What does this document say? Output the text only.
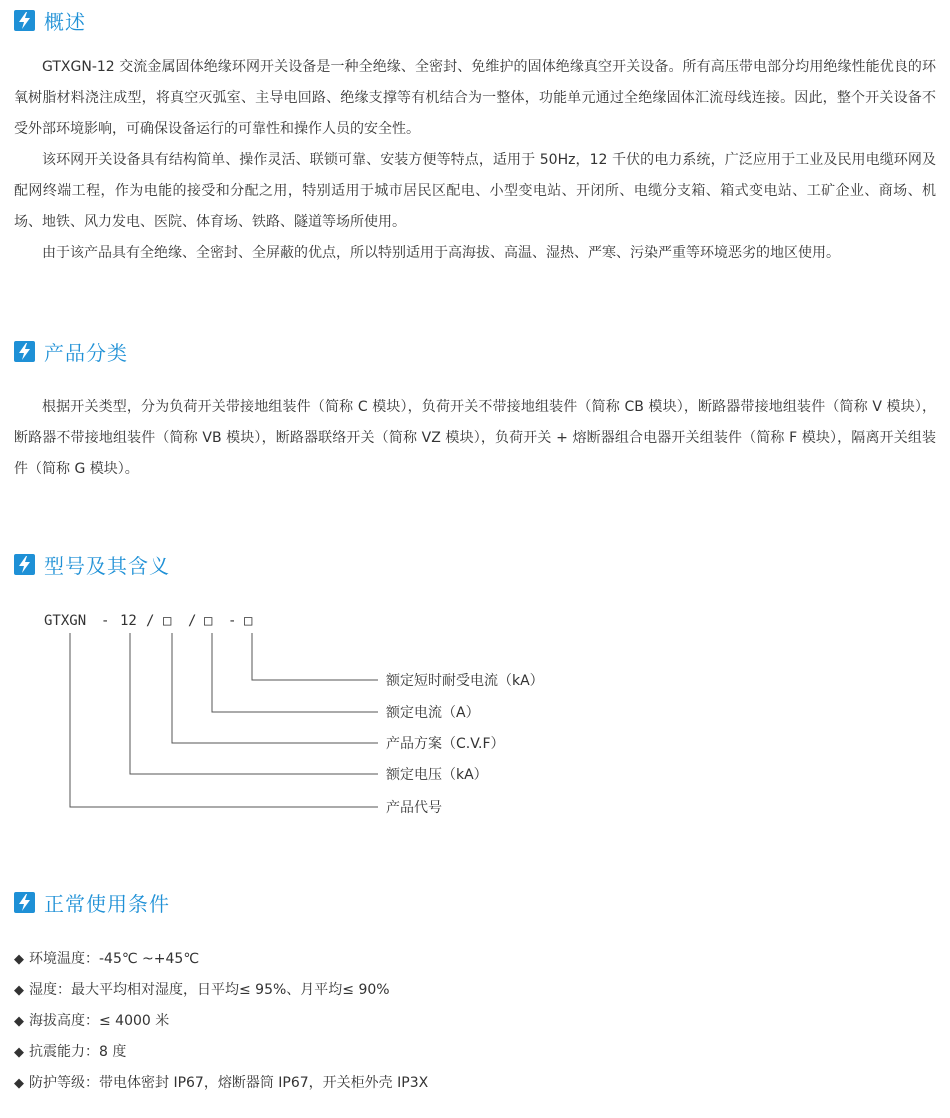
概述

GTXGN-12 交流金属固体绝缘环网开关设备是一种全绝缘、全密封、免维护的固体绝缘真空开关设备。所有高压带电部分均用绝缘性能优良的环氧树脂材料浇注成型，将真空灭弧室、主导电回路、绝缘支撑等有机结合为一整体，功能单元通过全绝缘固体汇流母线连接。因此，整个开关设备不受外部环境影响，可确保设备运行的可靠性和操作人员的安全性。

该环网开关设备具有结构简单、操作灵活、联锁可靠、安装方便等特点，适用于 50Hz，12 千伏的电力系统，广泛应用于工业及民用电缆环网及配网终端工程，作为电能的接受和分配之用，特别适用于城市居民区配电、小型变电站、开闭所、电缆分支箱、箱式变电站、工矿企业、商场、机场、地铁、风力发电、医院、体育场、铁路、隧道等场所使用。

由于该产品具有全绝缘、全密封、全屏蔽的优点，所以特别适用于高海拔、高温、湿热、严寒、污染严重等环境恶劣的地区使用。

产品分类

根据开关类型，分为负荷开关带接地组装件（简称 C 模块），负荷开关不带接地组装件（简称 CB 模块），断路器带接地组装件（简称 V 模块），断路器不带接地组装件（简称 VB 模块），断路器联络开关（简称 VZ 模块），负荷开关 + 熔断器组合电器开关组装件（简称 F 模块），隔离开关组装件（简称 G 模块）。

型号及其含义
GTXGN - 12 / □ / □ - □
额定短时耐受电流（kA）
额定电流（A）
产品方案（C.V.F）
额定电压（kA）
产品代号
正常使用条件
◆ 环境温度：-45℃ ~+45℃
◆ 湿度：最大平均相对湿度，日平均≤ 95%、月平均≤ 90%
◆ 海拔高度：≤ 4000 米
◆ 抗震能力：8 度
◆ 防护等级：带电体密封 IP67，熔断器筒 IP67，开关柜外壳 IP3X
